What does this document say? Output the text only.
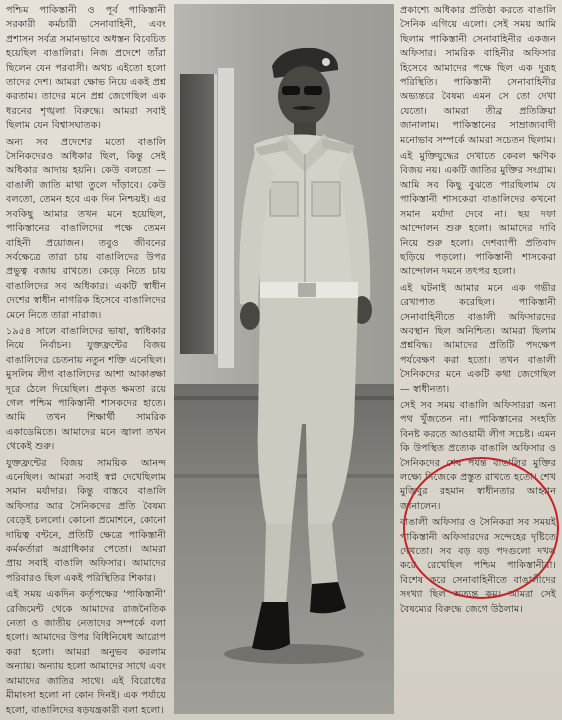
পশ্চিম পাকিস্তানী ও পূর্ব পাকিস্তানী সরকারী কর্মচারী সেনাবাহিনী, এবং প্রশাসন সর্বত্র সমানভাবে অধস্তন বিবেচিত হয়েছিল বাঙালিরা। নিজ প্রদেশে তাঁরা ছিলেন যেন পরবাসী। অথচ এইতো হলো তাদের দেশ। আমরা ক্ষোভ নিয়ে একই প্রশ্ন করতাম। তাদের মনে প্রশ্ন জেগেছিল এক ধরনের শৃঙ্খলা বিরুদ্ধে। আমরা সবাই ছিলাম যেন বিশ্বাসঘাতক।

অন্য সব প্রদেশের মতো বাঙালি সৈনিকদেরও অধিকার ছিল, কিন্তু সেই অধিকার আদায় হয়নি। কেউ বলতো — বাঙালী জাতি মাথা তুলে দাঁড়াবে। কেউ বলতো, তেমন হবে এক দিন নিশ্চয়ই। এর সবকিছু আমার তখন মনে হয়েছিল, পাকিস্তানের বাঙালিদের পক্ষে তেমন বাহিনী প্রয়োজন। তবুও জীবনের সর্বক্ষেত্রে তারা চায় বাঙালিদের উপর প্রভুত্ব বজায় রাখতে। কেড়ে নিতে চায় বাঙালিদের সব অধিকার। একটি স্বাধীন দেশের স্বাধীন নাগরিক হিসেবে বাঙালিদের মেনে নিতে তারা নারাজ।

১৯৫৪ সালে বাঙালিদের ভাষা, স্বাধিকার নিয়ে নির্বাচন। যুক্তফ্রন্টের বিজয় বাঙালিদের চেতনায় নতুন শক্তি এনেছিল। মুসলিম লীগ বাঙালিদের আশা আকাঙ্ক্ষা দূরে ঠেলে দিয়েছিল। প্রকৃত ক্ষমতা রয়ে গেল পশ্চিম পাকিস্তানী শাসকদের হাতে। আমি তখন শিক্ষার্থী সামরিক একাডেমিতে। আমাদের মনে জ্বালা তখন থেকেই শুরু।

যুক্তফ্রন্টের বিজয় সাময়িক আনন্দ এনেছিল। আমরা সবাই স্বপ্ন দেখেছিলাম সমান মর্যাদার। কিন্তু বাস্তবে বাঙালি অফিসার আর সৈনিকদের প্রতি বৈষম্য বেড়েই চললো। কোনো প্রমোশনে, কোনো দায়িত্ব বন্টনে, প্রতিটি ক্ষেত্রে পাকিস্তানী কর্মকর্তারা অগ্রাধিকার পেতো। আমরা প্রায় সবাই বাঙালি অফিসার। আমাদের পরিবারও ছিল একই পরিস্থিতির শিকার।

এই সময় একদিন কর্তৃপক্ষের 'পাকিস্তানী' রেজিমেন্ট থেকে আমাদের রাজনৈতিক নেতা ও জাতীয় নেতাদের সম্পর্কে বলা হলো। আমাদের উপর বিধিনিষেধ আরোপ করা হলো। আমরা অনুভব করলাম অন্যায়। অন্যায় হলো আমাদের সাথে এবং আমাদের জাতির সাথে। এই বিরোধের মীমাংসা হলো না কোন দিনই। এক পর্যায়ে হলো, বাঙালিদের ষড়যন্ত্রকারী বলা হলো।

প্রকাশ্যে অধিকার প্রতিষ্ঠা করতে বাঙালি সৈনিক এগিয়ে এলো। সেই সময় আমি ছিলাম পাকিস্তানী সেনাবাহিনীর একজন অফিসার। সামরিক বাহিনীর অফিসার হিসেবে আমাদের পক্ষে ছিল এক দুরূহ পরিস্থিতি। পাকিস্তানী সেনাবাহিনীর অভ্যন্তরে বৈষম্য এমন সে তো দেখা যেতো। আমরা তীব্র প্রতিক্রিয়া জানালাম। পাকিস্তানের সাম্রাজ্যবাদী মনোভাব সম্পর্কে আমরা সচেতন ছিলাম।

এই মুক্তিযুদ্ধের দেখাতে কেবল ক্ষণিক বিজয় নয়। একটি জাতির মুক্তির সংগ্রাম। আমি সব কিছু বুঝতে পারছিলাম যে পাকিস্তানী শাসকেরা বাঙালিদের কখনো সমান মর্যাদা দেবে না। ছয় দফা আন্দোলন শুরু হলো। আমাদের দাবি নিয়ে শুরু হলো। দেশব্যাপী প্রতিবাদ ছড়িয়ে পড়লো। পাকিস্তানী শাসকেরা আন্দোলন দমনে তৎপর হলো।

এই ঘটনাই আমার মনে এক গভীর রেখাপাত করেছিল। পাকিস্তানী সেনাবাহিনীতে বাঙালী অফিসারদের অবস্থান ছিল অনিশ্চিত। আমরা ছিলাম প্রশ্নবিদ্ধ। আমাদের প্রতিটি পদক্ষেপ পর্যবেক্ষণ করা হতো। তখন বাঙালী সৈনিকদের মনে একটি কথা জেগেছিল — স্বাধীনতা।

সেই সব সময় বাঙালি অফিসাররা অন্য পথ খুঁজতেন না। পাকিস্তানের সংহতি বিনষ্ট করতে আওয়ামী লীগ সচেষ্ট। এমন কি উপস্থিত প্রত্যেক বাঙালি অফিসার ও সৈনিকদের শেষ পর্যন্ত বাঙালির মুক্তির লক্ষ্যে নিজেকে প্রস্তুত রাখতে হতো। শেখ মুজিবুর রহমান স্বাধীনতার আহ্বান জানালেন।

বাঙালী অফিসার ও সৈনিকরা সব সময়ই পাকিস্তানী অফিসারদের সন্দেহের দৃষ্টিতে দেখতো। সব বড় বড় পদগুলো দখল করে রেখেছিল পশ্চিম পাকিস্তানীরা। বিশেষ করে সেনাবাহিনীতে বাঙালীদের সংখ্যা ছিল অত্যন্ত কম। আমরা সেই বৈষম্যের বিরুদ্ধে জেগে উঠলাম।
